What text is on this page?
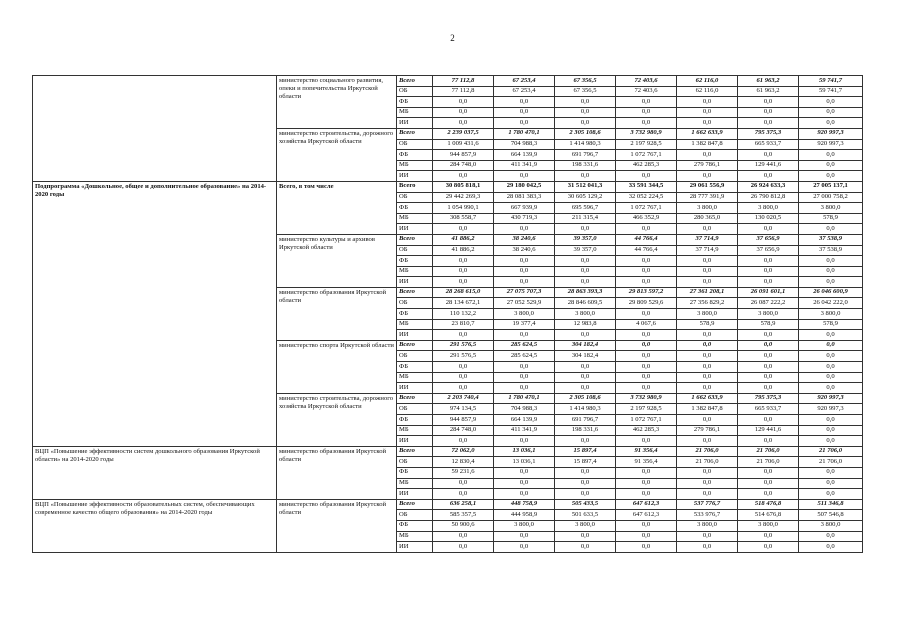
2
	министерство социального развития, опеки и попечительства Иркутской области	Всего	77 112,8	67 253,4	67 356,5	72 403,6	62 116,0	61 963,2	59 741,7
		ОБ	77 112,8	67 253,4	67 356,5	72 403,6	62 116,0	61 963,2	59 741,7
		ФБ	0,0	0,0	0,0	0,0	0,0	0,0	0,0
		МБ	0,0	0,0	0,0	0,0	0,0	0,0	0,0
		ИИ	0,0	0,0	0,0	0,0	0,0	0,0	0,0
	министерство строительства, дорожного хозяйства Иркутской области	Всего	2 239 037,5	1 780 470,1	2 305 108,6	3 732 980,9	1 662 633,9	795 375,3	920 997,3
		ОБ	1 009 431,6	704 988,3	1 414 980,3	2 197 928,5	1 382 847,8	665 933,7	920 997,3
		ФБ	944 857,9	664 139,9	691 796,7	1 072 767,1	0,0	0,0	0,0
		МБ	284 748,0	411 341,9	198 331,6	462 285,3	279 786,1	129 441,6	0,0
		ИИ	0,0	0,0	0,0	0,0	0,0	0,0	0,0
Подпрограмма «Дошкольное, общее и дополнительное образование» на 2014-2020 годы	Всего, в том числе	Всего	30 805 818,1	29 180 042,5	31 512 041,3	33 591 344,5	29 061 556,9	26 924 633,3	27 005 137,1
		ОБ	29 442 269,3	28 081 383,3	30 605 129,2	32 052 224,5	28 777 391,9	26 790 812,8	27 000 758,2
		ФБ	1 054 990,1	667 939,9	695 596,7	1 072 767,1	3 800,0	3 800,0	3 800,0
		МБ	308 558,7	430 719,3	211 315,4	466 352,9	280 365,0	130 020,5	578,9
		ИИ	0,0	0,0	0,0	0,0	0,0	0,0	0,0
	министерство культуры и архивов Иркутской области	Всего	41 886,2	38 240,6	39 357,0	44 766,4	37 714,9	37 656,9	37 538,9
		ОБ	41 886,2	38 240,6	39 357,0	44 766,4	37 714,9	37 656,9	37 538,9
		ФБ	0,0	0,0	0,0	0,0	0,0	0,0	0,0
		МБ	0,0	0,0	0,0	0,0	0,0	0,0	0,0
		ИИ	0,0	0,0	0,0	0,0	0,0	0,0	0,0
	министерство образования Иркутской области	Всего	28 268 615,0	27 075 707,3	28 863 393,3	29 813 597,2	27 361 208,1	26 091 601,1	26 046 600,9
		ОБ	28 134 672,1	27 052 529,9	28 846 609,5	29 809 529,6	27 356 829,2	26 087 222,2	26 042 222,0
		ФБ	110 132,2	3 800,0	3 800,0	0,0	3 800,0	3 800,0	3 800,0
		МБ	23 810,7	19 377,4	12 983,8	4 067,6	578,9	578,9	578,9
		ИИ	0,0	0,0	0,0	0,0	0,0	0,0	0,0
	министерство спорта Иркутской области	Всего	291 576,5	285 624,5	304 182,4	0,0	0,0	0,0	0,0
		ОБ	291 576,5	285 624,5	304 182,4	0,0	0,0	0,0	0,0
		ФБ	0,0	0,0	0,0	0,0	0,0	0,0	0,0
		МБ	0,0	0,0	0,0	0,0	0,0	0,0	0,0
		ИИ	0,0	0,0	0,0	0,0	0,0	0,0	0,0
	министерство строительства, дорожного хозяйства Иркутской области	Всего	2 203 740,4	1 780 470,1	2 305 108,6	3 732 980,9	1 662 633,9	795 375,3	920 997,3
		ОБ	974 134,5	704 988,3	1 414 980,3	2 197 928,5	1 382 847,8	665 933,7	920 997,3
		ФБ	944 857,9	664 139,9	691 796,7	1 072 767,1	0,0	0,0	0,0
		МБ	284 748,0	411 341,9	198 331,6	462 285,3	279 786,1	129 441,6	0,0
		ИИ	0,0	0,0	0,0	0,0	0,0	0,0	0,0
ВЦП «Повышение эффективности систем дошкольного образования Иркутской области» на 2014-2020 годы	министерство образования Иркутской области	Всего	72 062,0	13 036,1	15 897,4	91 356,4	21 706,0	21 706,0	21 706,0
		ОБ	12 830,4	13 036,1	15 897,4	91 356,4	21 706,0	21 706,0	21 706,0
		ФБ	59 231,6	0,0	0,0	0,0	0,0	0,0	0,0
		МБ	0,0	0,0	0,0	0,0	0,0	0,0	0,0
		ИИ	0,0	0,0	0,0	0,0	0,0	0,0	0,0
ВЦП «Повышение эффективности образовательных систем, обеспечивающих современное качество общего образования» на 2014-2020 годы	министерство образования Иркутской области	Всего	636 258,1	448 758,9	505 433,5	647 612,3	537 776,7	518 476,8	511 346,8
		ОБ	585 357,5	444 958,9	501 633,5	647 612,3	533 976,7	514 676,8	507 546,8
		ФБ	50 900,6	3 800,0	3 800,0	0,0	3 800,0	3 800,0	3 800,0
		МБ	0,0	0,0	0,0	0,0	0,0	0,0	0,0
		ИИ	0,0	0,0	0,0	0,0	0,0	0,0	0,0
